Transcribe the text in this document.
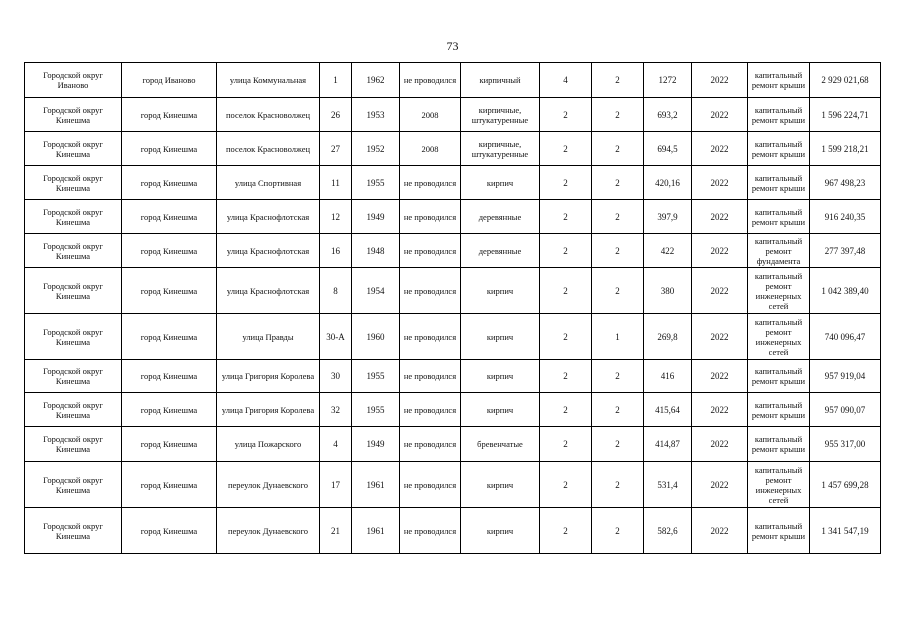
73
Городской округ Иваново	город Иваново	улица Коммунальная	1	1962	не проводился	кирпичный	4	2	1272	2022	капитальный ремонт крыши	2 929 021,68
Городской округ Кинешма	город Кинешма	поселок Красноволжец	26	1953	2008	кирпичные, штукатуренные	2	2	693,2	2022	капитальный ремонт крыши	1 596 224,71
Городской округ Кинешма	город Кинешма	поселок Красноволжец	27	1952	2008	кирпичные, штукатуренные	2	2	694,5	2022	капитальный ремонт крыши	1 599 218,21
Городской округ Кинешма	город Кинешма	улица Спортивная	11	1955	не проводился	кирпич	2	2	420,16	2022	капитальный ремонт крыши	967 498,23
Городской округ Кинешма	город Кинешма	улица Краснофлотская	12	1949	не проводился	деревянные	2	2	397,9	2022	капитальный ремонт крыши	916 240,35
Городской округ Кинешма	город Кинешма	улица Краснофлотская	16	1948	не проводился	деревянные	2	2	422	2022	капитальный ремонт фундамента	277 397,48
Городской округ Кинешма	город Кинешма	улица Краснофлотская	8	1954	не проводился	кирпич	2	2	380	2022	капитальный ремонт инженерных сетей	1 042 389,40
Городской округ Кинешма	город Кинешма	улица Правды	30-А	1960	не проводился	кирпич	2	1	269,8	2022	капитальный ремонт инженерных сетей	740 096,47
Городской округ Кинешма	город Кинешма	улица Григория Королева	30	1955	не проводился	кирпич	2	2	416	2022	капитальный ремонт крыши	957 919,04
Городской округ Кинешма	город Кинешма	улица Григория Королева	32	1955	не проводился	кирпич	2	2	415,64	2022	капитальный ремонт крыши	957 090,07
Городской округ Кинешма	город Кинешма	улица Пожарского	4	1949	не проводился	бревенчатые	2	2	414,87	2022	капитальный ремонт крыши	955 317,00
Городской округ Кинешма	город Кинешма	переулок Дунаевского	17	1961	не проводился	кирпич	2	2	531,4	2022	капитальный ремонт инженерных сетей	1 457 699,28
Городской округ Кинешма	город Кинешма	переулок Дунаевского	21	1961	не проводился	кирпич	2	2	582,6	2022	капитальный ремонт крыши	1 341 547,19
